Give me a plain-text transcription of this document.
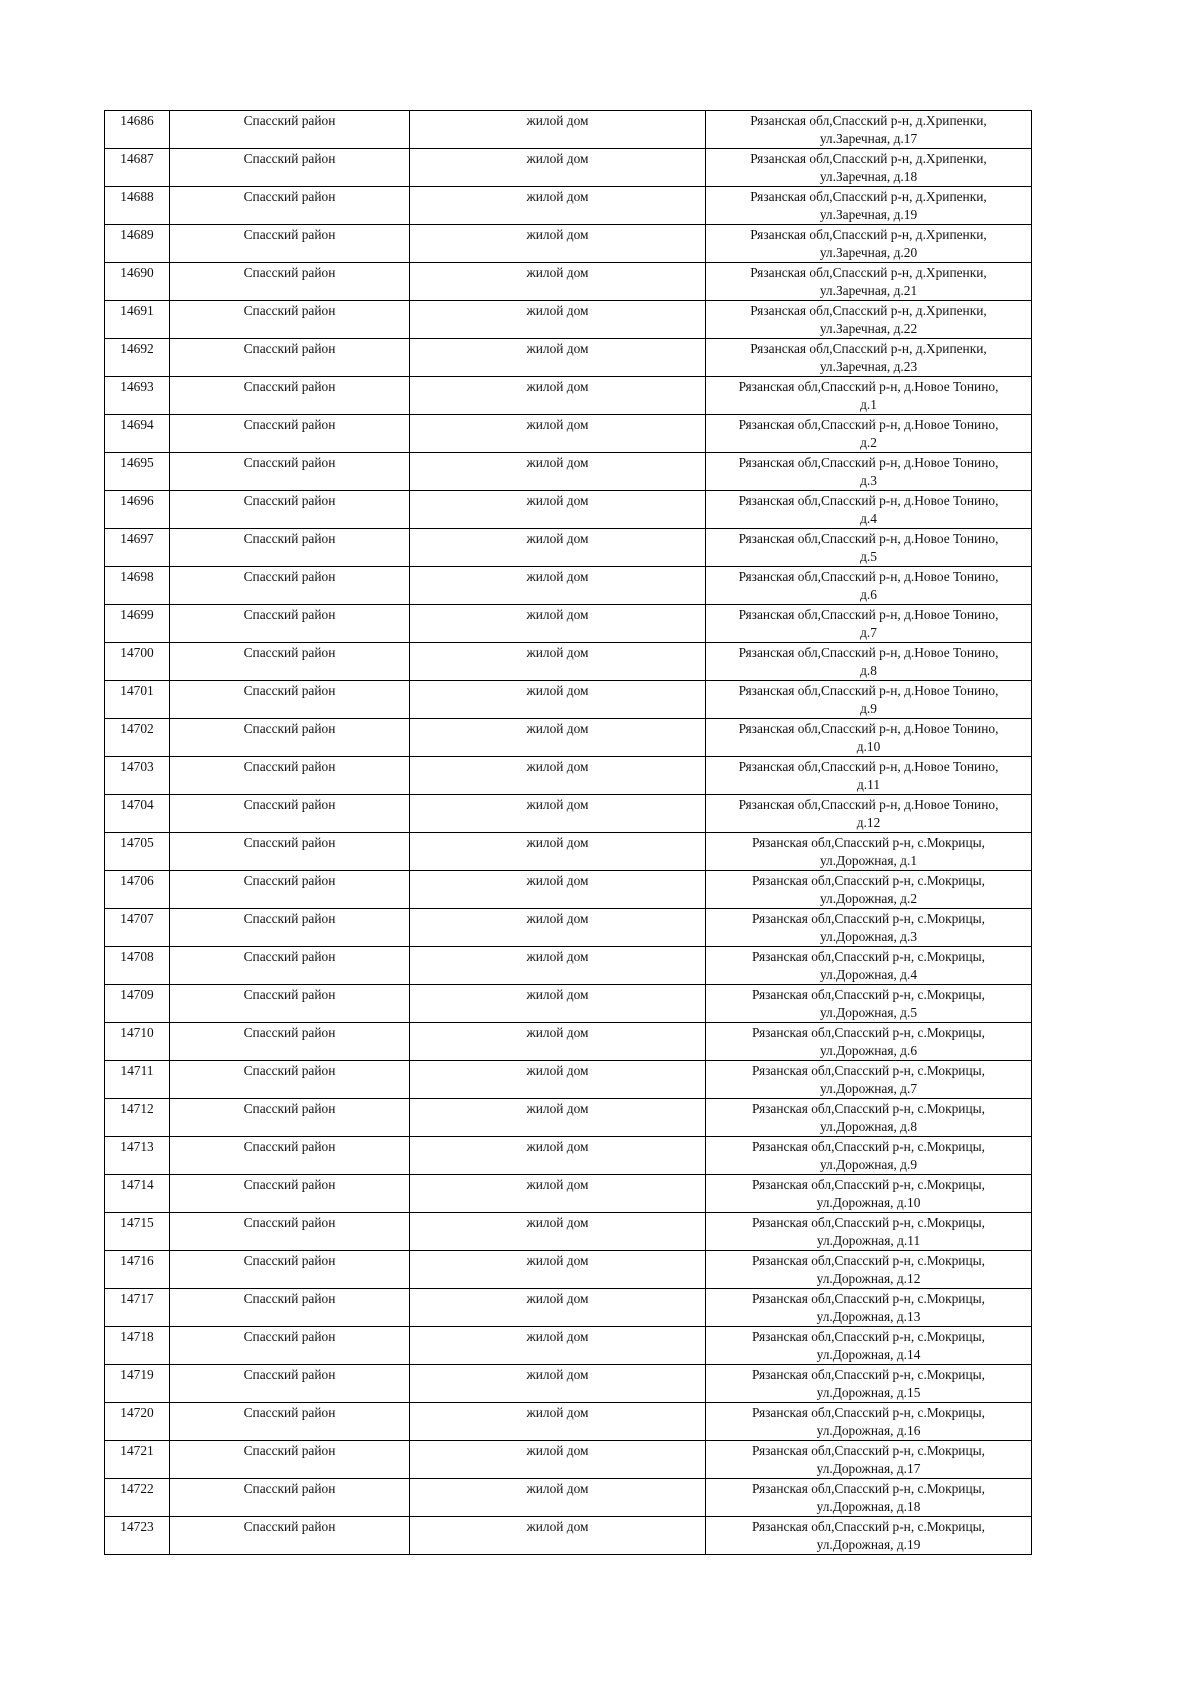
14686	Спасский район	жилой дом	Рязанская обл,Спасский р-н, д.Хрипенки,
ул.Заречная, д.17

14687	Спасский район	жилой дом	Рязанская обл,Спасский р-н, д.Хрипенки,
ул.Заречная, д.18

14688	Спасский район	жилой дом	Рязанская обл,Спасский р-н, д.Хрипенки,
ул.Заречная, д.19

14689	Спасский район	жилой дом	Рязанская обл,Спасский р-н, д.Хрипенки,
ул.Заречная, д.20

14690	Спасский район	жилой дом	Рязанская обл,Спасский р-н, д.Хрипенки,
ул.Заречная, д.21

14691	Спасский район	жилой дом	Рязанская обл,Спасский р-н, д.Хрипенки,
ул.Заречная, д.22

14692	Спасский район	жилой дом	Рязанская обл,Спасский р-н, д.Хрипенки,
ул.Заречная, д.23

14693	Спасский район	жилой дом	Рязанская обл,Спасский р-н, д.Новое Тонино,
д.1

14694	Спасский район	жилой дом	Рязанская обл,Спасский р-н, д.Новое Тонино,
д.2

14695	Спасский район	жилой дом	Рязанская обл,Спасский р-н, д.Новое Тонино,
д.3

14696	Спасский район	жилой дом	Рязанская обл,Спасский р-н, д.Новое Тонино,
д.4

14697	Спасский район	жилой дом	Рязанская обл,Спасский р-н, д.Новое Тонино,
д.5

14698	Спасский район	жилой дом	Рязанская обл,Спасский р-н, д.Новое Тонино,
д.6

14699	Спасский район	жилой дом	Рязанская обл,Спасский р-н, д.Новое Тонино,
д.7

14700	Спасский район	жилой дом	Рязанская обл,Спасский р-н, д.Новое Тонино,
д.8

14701	Спасский район	жилой дом	Рязанская обл,Спасский р-н, д.Новое Тонино,
д.9

14702	Спасский район	жилой дом	Рязанская обл,Спасский р-н, д.Новое Тонино,
д.10

14703	Спасский район	жилой дом	Рязанская обл,Спасский р-н, д.Новое Тонино,
д.11

14704	Спасский район	жилой дом	Рязанская обл,Спасский р-н, д.Новое Тонино,
д.12

14705	Спасский район	жилой дом	Рязанская обл,Спасский р-н, с.Мокрицы,
ул.Дорожная, д.1

14706	Спасский район	жилой дом	Рязанская обл,Спасский р-н, с.Мокрицы,
ул.Дорожная, д.2

14707	Спасский район	жилой дом	Рязанская обл,Спасский р-н, с.Мокрицы,
ул.Дорожная, д.3

14708	Спасский район	жилой дом	Рязанская обл,Спасский р-н, с.Мокрицы,
ул.Дорожная, д.4

14709	Спасский район	жилой дом	Рязанская обл,Спасский р-н, с.Мокрицы,
ул.Дорожная, д.5

14710	Спасский район	жилой дом	Рязанская обл,Спасский р-н, с.Мокрицы,
ул.Дорожная, д.6

14711	Спасский район	жилой дом	Рязанская обл,Спасский р-н, с.Мокрицы,
ул.Дорожная, д.7

14712	Спасский район	жилой дом	Рязанская обл,Спасский р-н, с.Мокрицы,
ул.Дорожная, д.8

14713	Спасский район	жилой дом	Рязанская обл,Спасский р-н, с.Мокрицы,
ул.Дорожная, д.9

14714	Спасский район	жилой дом	Рязанская обл,Спасский р-н, с.Мокрицы,
ул.Дорожная, д.10

14715	Спасский район	жилой дом	Рязанская обл,Спасский р-н, с.Мокрицы,
ул.Дорожная, д.11

14716	Спасский район	жилой дом	Рязанская обл,Спасский р-н, с.Мокрицы,
ул.Дорожная, д.12

14717	Спасский район	жилой дом	Рязанская обл,Спасский р-н, с.Мокрицы,
ул.Дорожная, д.13

14718	Спасский район	жилой дом	Рязанская обл,Спасский р-н, с.Мокрицы,
ул.Дорожная, д.14

14719	Спасский район	жилой дом	Рязанская обл,Спасский р-н, с.Мокрицы,
ул.Дорожная, д.15

14720	Спасский район	жилой дом	Рязанская обл,Спасский р-н, с.Мокрицы,
ул.Дорожная, д.16

14721	Спасский район	жилой дом	Рязанская обл,Спасский р-н, с.Мокрицы,
ул.Дорожная, д.17

14722	Спасский район	жилой дом	Рязанская обл,Спасский р-н, с.Мокрицы,
ул.Дорожная, д.18

14723	Спасский район	жилой дом	Рязанская обл,Спасский р-н, с.Мокрицы,
ул.Дорожная, д.19
